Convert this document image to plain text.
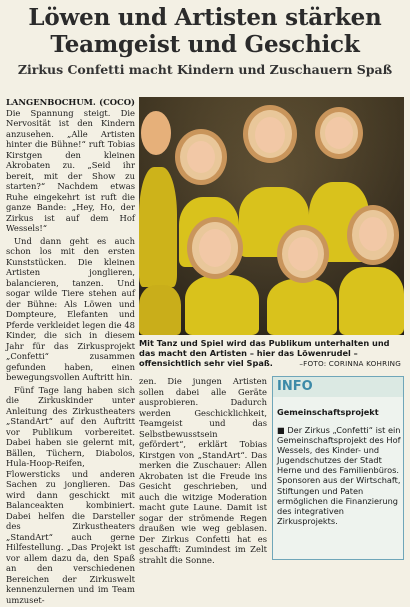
Löwen und Artisten stärken Teamgeist und Geschick
Zirkus Confetti macht Kindern und Zuschauern Spaß

LANGENBOCHUM. (COCO) Die Spannung steigt. Die Nervosität ist den Kindern anzusehen. „Alle Artisten hinter die Bühne!“ ruft Tobias Kirstgen den kleinen Akrobaten zu. „Seid ihr bereit, mit der Show zu starten?“ Nachdem etwas Ruhe eingekehrt ist ruft die ganze Bande: „Hey, Ho, der Zirkus ist auf dem Hof Wessels!“

Und dann geht es auch schon los mit den ersten Kunststücken. Die kleinen Artisten jonglieren, balancieren, tanzen. Und sogar wilde Tiere stehen auf der Bühne: Als Löwen und Dompteure, Elefanten und Pferde verkleidet legen die 48 Kinder, die sich in diesem Jahr für das Zirkusprojekt „Confetti“ zusammen gefunden haben, einen bewegungsvollen Auftritt hin.

Fünf Tage lang haben sich die Zirkuskinder unter Anleitung des Zirkustheaters „StandArt“ auf den Auftritt vor Publikum vorbereitet. Dabei haben sie gelernt mit, Bällen, Tüchern, Diabolos, Hula-Hoop-Reifen, Flowersticks und anderen Sachen zu jonglieren. Das wird dann geschickt mit Balanceakten kombiniert. Dabei helfen die Darsteller des Zirkustheaters „StandArt“ auch gerne Hilfestellung. „Das Projekt ist vor allem dazu da, den Spaß an den verschiedenen Bereichen der Zirkuswelt kennenzulernen und im Team umzuset-

Mit Tanz und Spiel wird das Publikum unterhalten und das macht den Artisten – hier das Löwenrudel – offensichtlich sehr viel Spaß.	–FOTO: CORINNA KOHRING

zen. Die jungen Artisten sollen dabei alle Geräte ausprobieren. Dadurch werden Geschicklichkeit, Teamgeist und das Selbstbewusstsein gefördert“, erklärt Tobias Kirstgen von „StandArt“. Das merken die Zuschauer: Allen Akrobaten ist die Freude ins Gesicht geschrieben, und auch die witzige Moderation macht gute Laune. Damit ist sogar der strömende Regen draußen wie weg geblasen. Der Zirkus Confetti hat es geschafft: Zumindest im Zelt strahlt die Sonne.

INFO
Gemeinschaftsprojekt
■ Der Zirkus „Confetti“ ist ein Gemeinschaftsprojekt des Hof Wessels, des Kinder- und Jugendschutzes der Stadt Herne und des Familienbüros. Sponsoren aus der Wirtschaft, Stiftungen und Paten ermöglichen die Finanzierung des integrativen Zirkusprojekts.
